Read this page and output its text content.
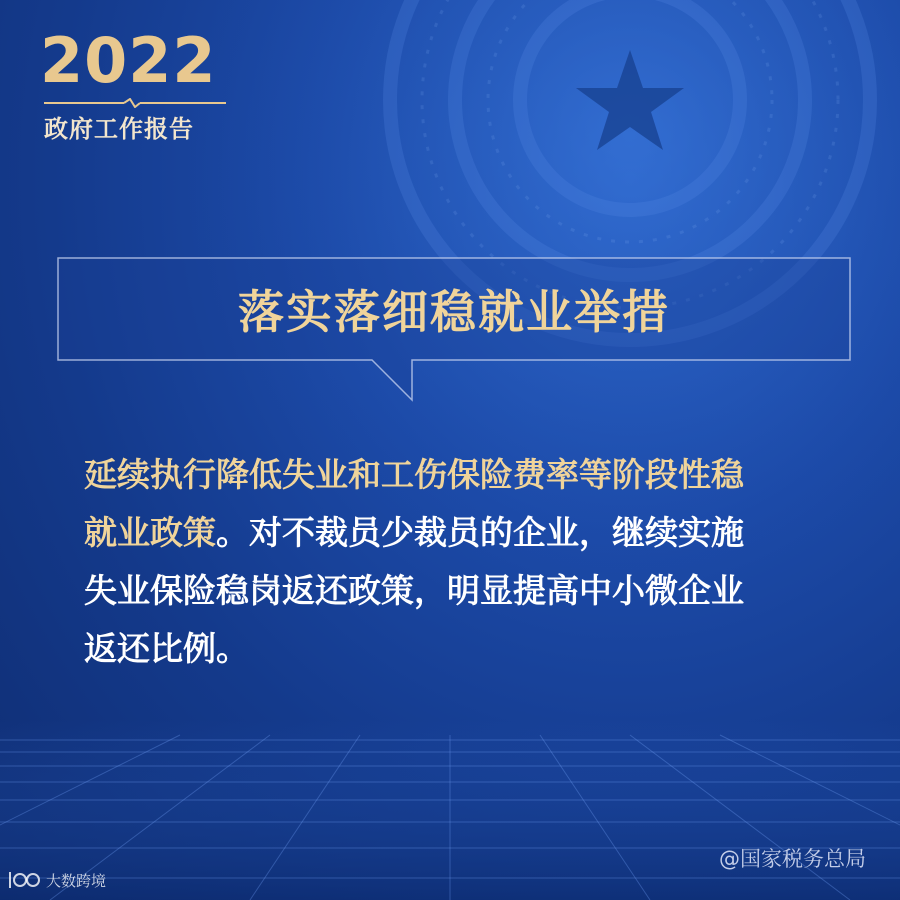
2022
政府工作报告
落实落细稳就业举措
延续执行降低失业和工伤保险费率等阶段性稳
就业政策。对不裁员少裁员的企业，继续实施
失业保险稳岗返还政策，明显提高中小微企业
返还比例。
@国家税务总局
大数跨境
